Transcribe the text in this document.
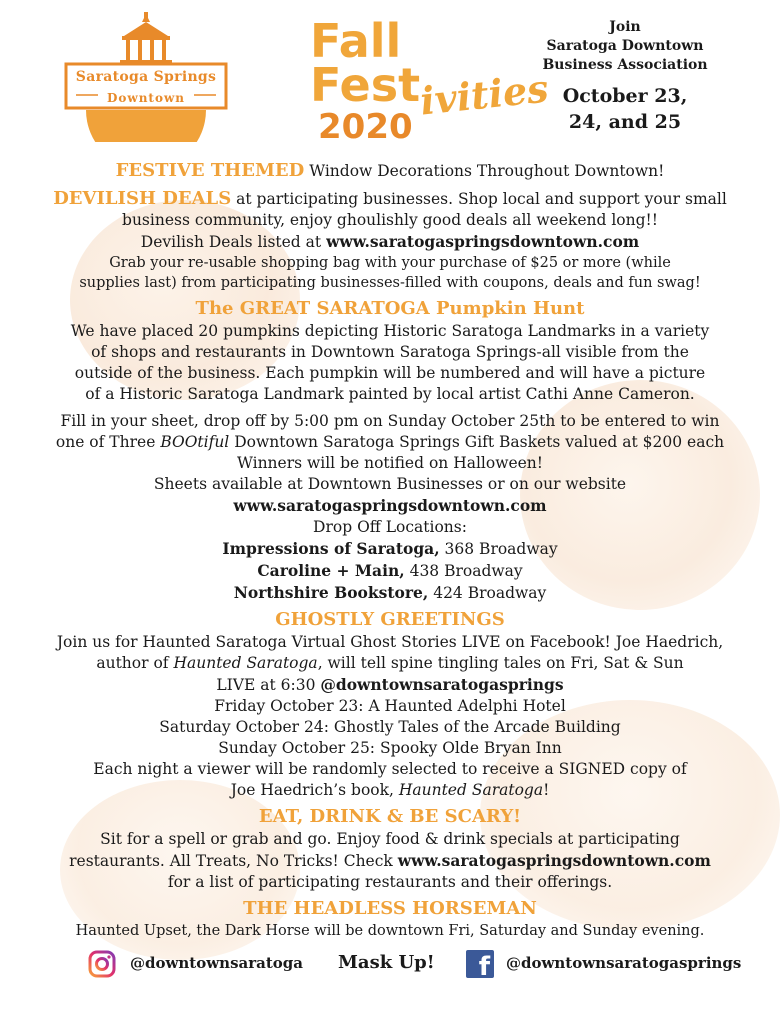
Saratoga Springs
Downtown
Fall
Fest
ivities
2020
Join
Saratoga Downtown
Business Association
October 23,
24, and 25

FESTIVE THEMED Window Decorations Throughout Downtown!

DEVILISH DEALS at participating businesses. Shop local and support your small

business community, enjoy ghoulishly good deals all weekend long!!

Devilish Deals listed at www.saratogaspringsdowntown.com

Grab your re-usable shopping bag with your purchase of $25 or more (while

supplies last) from participating businesses-filled with coupons, deals and fun swag!

The GREAT SARATOGA Pumpkin Hunt

We have placed 20 pumpkins depicting Historic Saratoga Landmarks in a variety

of shops and restaurants in Downtown Saratoga Springs-all visible from the

outside of the business. Each pumpkin will be numbered and will have a picture

of a Historic Saratoga Landmark painted by local artist Cathi Anne Cameron.

Fill in your sheet, drop off by 5:00 pm on Sunday October 25th to be entered to win

one of Three BOOtiful Downtown Saratoga Springs Gift Baskets valued at $200 each

Winners will be notified on Halloween!

Sheets available at Downtown Businesses or on our website

www.saratogaspringsdowntown.com

Drop Off Locations:

Impressions of Saratoga, 368 Broadway

Caroline + Main, 438 Broadway

Northshire Bookstore, 424 Broadway

GHOSTLY GREETINGS

Join us for Haunted Saratoga Virtual Ghost Stories LIVE on Facebook! Joe Haedrich,

author of Haunted Saratoga, will tell spine tingling tales on Fri, Sat & Sun

LIVE at 6:30 @downtownsaratogasprings

Friday October 23: A Haunted Adelphi Hotel

Saturday October 24: Ghostly Tales of the Arcade Building

Sunday October 25: Spooky Olde Bryan Inn

Each night a viewer will be randomly selected to receive a SIGNED copy of

Joe Haedrich’s book, Haunted Saratoga!

EAT, DRINK & BE SCARY!

Sit for a spell or grab and go. Enjoy food & drink specials at participating

restaurants. All Treats, No Tricks! Check www.saratogaspringsdowntown.com

for a list of participating restaurants and their offerings.

THE HEADLESS HORSEMAN

Haunted Upset, the Dark Horse will be downtown Fri, Saturday and Sunday evening.

@downtownsaratoga Mask Up! f @downtownsaratogasprings
